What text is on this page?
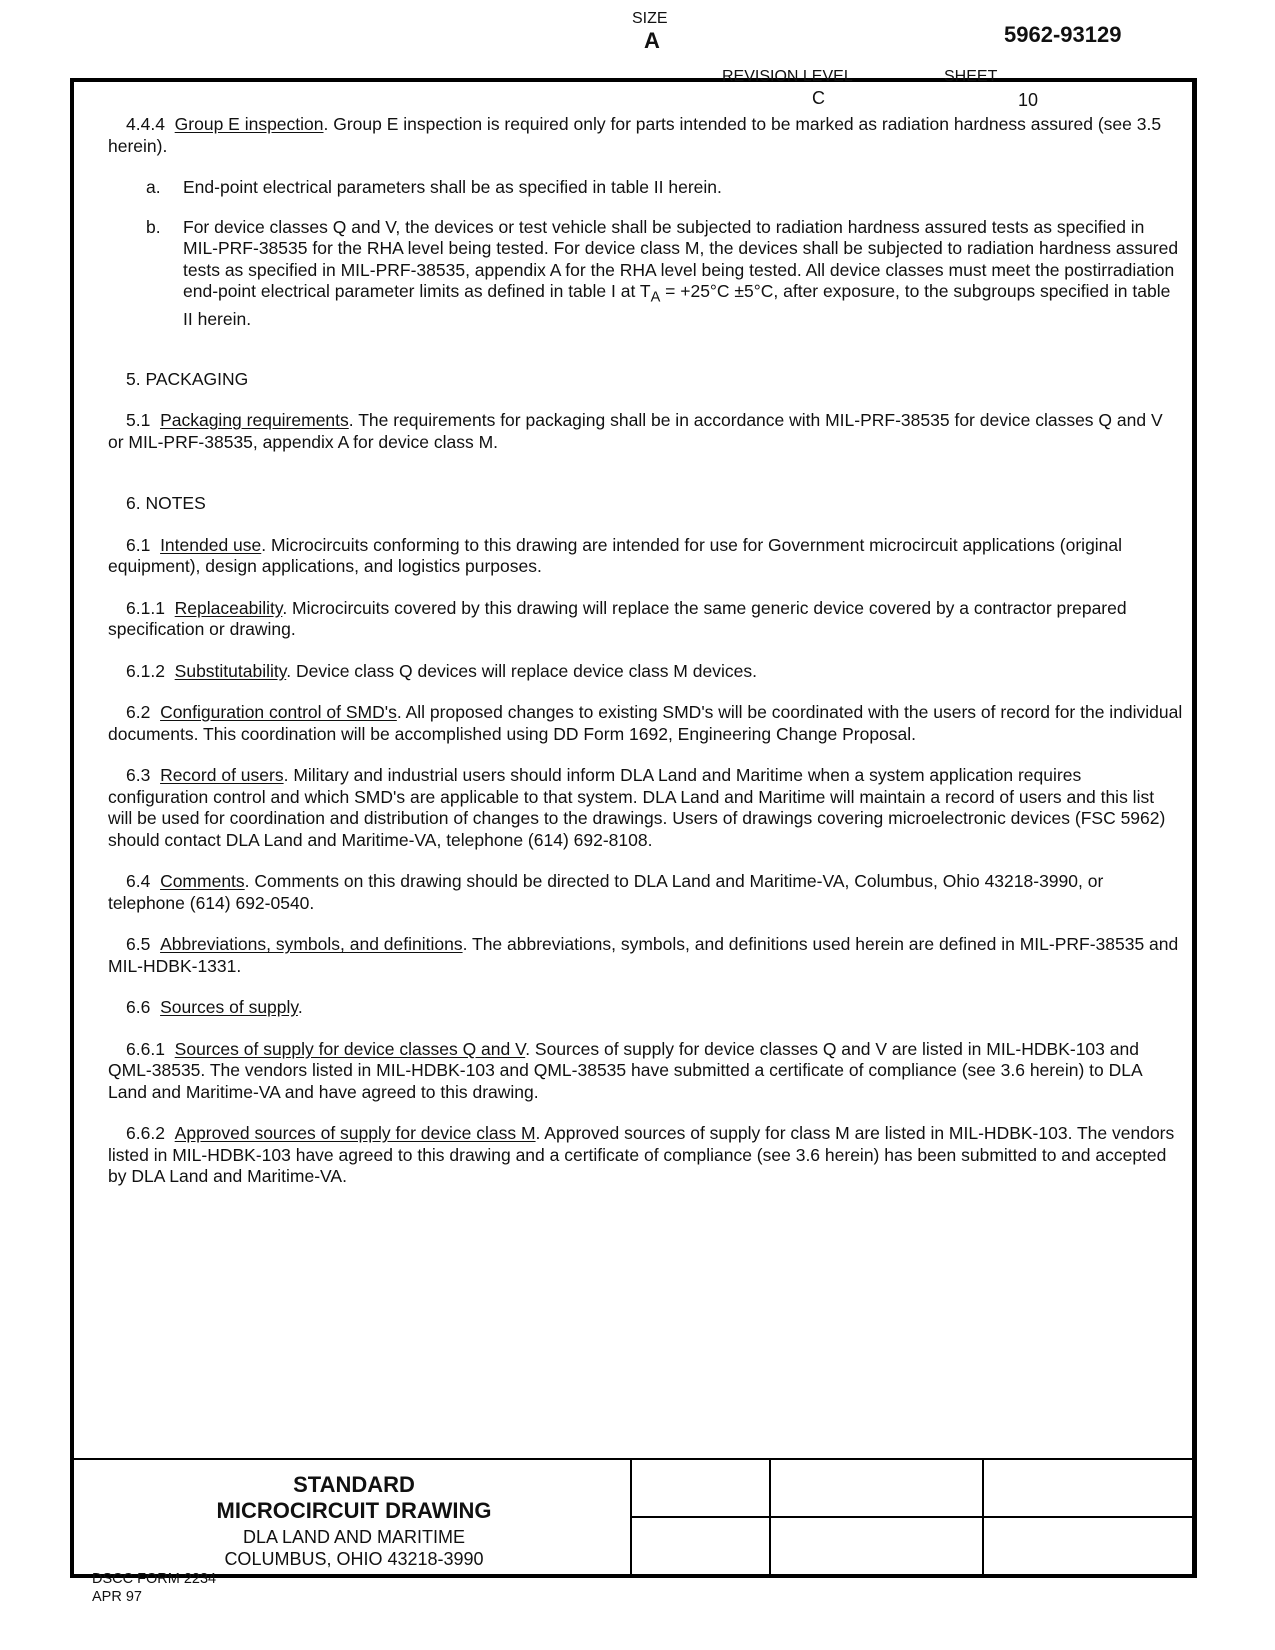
4.4.4 Group E inspection. Group E inspection is required only for parts intended to be marked as radiation hardness assured (see 3.5 herein).

a.	End-point electrical parameters shall be as specified in table II herein.
b.	For device classes Q and V, the devices or test vehicle shall be subjected to radiation hardness assured tests as specified in MIL-PRF-38535 for the RHA level being tested. For device class M, the devices shall be subjected to radiation hardness assured tests as specified in MIL-PRF-38535, appendix A for the RHA level being tested. All device classes must meet the postirradiation end-point electrical parameter limits as defined in table I at $T_A = +25^\circ C \pm 5^\circ C$, after exposure, to the subgroups specified in table II herein.

5. PACKAGING

5.1 Packaging requirements. The requirements for packaging shall be in accordance with MIL-PRF-38535 for device classes Q and V or MIL-PRF-38535, appendix A for device class M.

6. NOTES

6.1 Intended use. Microcircuits conforming to this drawing are intended for use for Government microcircuit applications (original equipment), design applications, and logistics purposes.

6.1.1 Replaceability. Microcircuits covered by this drawing will replace the same generic device covered by a contractor prepared specification or drawing.

6.1.2 Substitutability. Device class Q devices will replace device class M devices.

6.2 Configuration control of SMD's. All proposed changes to existing SMD's will be coordinated with the users of record for the individual documents. This coordination will be accomplished using DD Form 1692, Engineering Change Proposal.

6.3 Record of users. Military and industrial users should inform DLA Land and Maritime when a system application requires configuration control and which SMD's are applicable to that system. DLA Land and Maritime will maintain a record of users and this list will be used for coordination and distribution of changes to the drawings. Users of drawings covering microelectronic devices (FSC 5962) should contact DLA Land and Maritime-VA, telephone (614) 692-8108.

6.4 Comments. Comments on this drawing should be directed to DLA Land and Maritime-VA, Columbus, Ohio 43218-3990, or telephone (614) 692-0540.

6.5 Abbreviations, symbols, and definitions. The abbreviations, symbols, and definitions used herein are defined in MIL-PRF-38535 and MIL-HDBK-1331.

6.6 Sources of supply.

6.6.1 Sources of supply for device classes Q and V. Sources of supply for device classes Q and V are listed in MIL-HDBK-103 and QML-38535. The vendors listed in MIL-HDBK-103 and QML-38535 have submitted a certificate of compliance (see 3.6 herein) to DLA Land and Maritime-VA and have agreed to this drawing.

6.6.2 Approved sources of supply for device class M. Approved sources of supply for class M are listed in MIL-HDBK-103. The vendors listed in MIL-HDBK-103 have agreed to this drawing and a certificate of compliance (see 3.6 herein) has been submitted to and accepted by DLA Land and Maritime-VA.

STANDARD
MICROCIRCUIT DRAWING
DLA LAND AND MARITIME
COLUMBUS, OHIO 43218-3990
SIZE
A	5962-93129
REVISION LEVEL
C
SHEET
10
DSCC FORM 2234
APR 97
